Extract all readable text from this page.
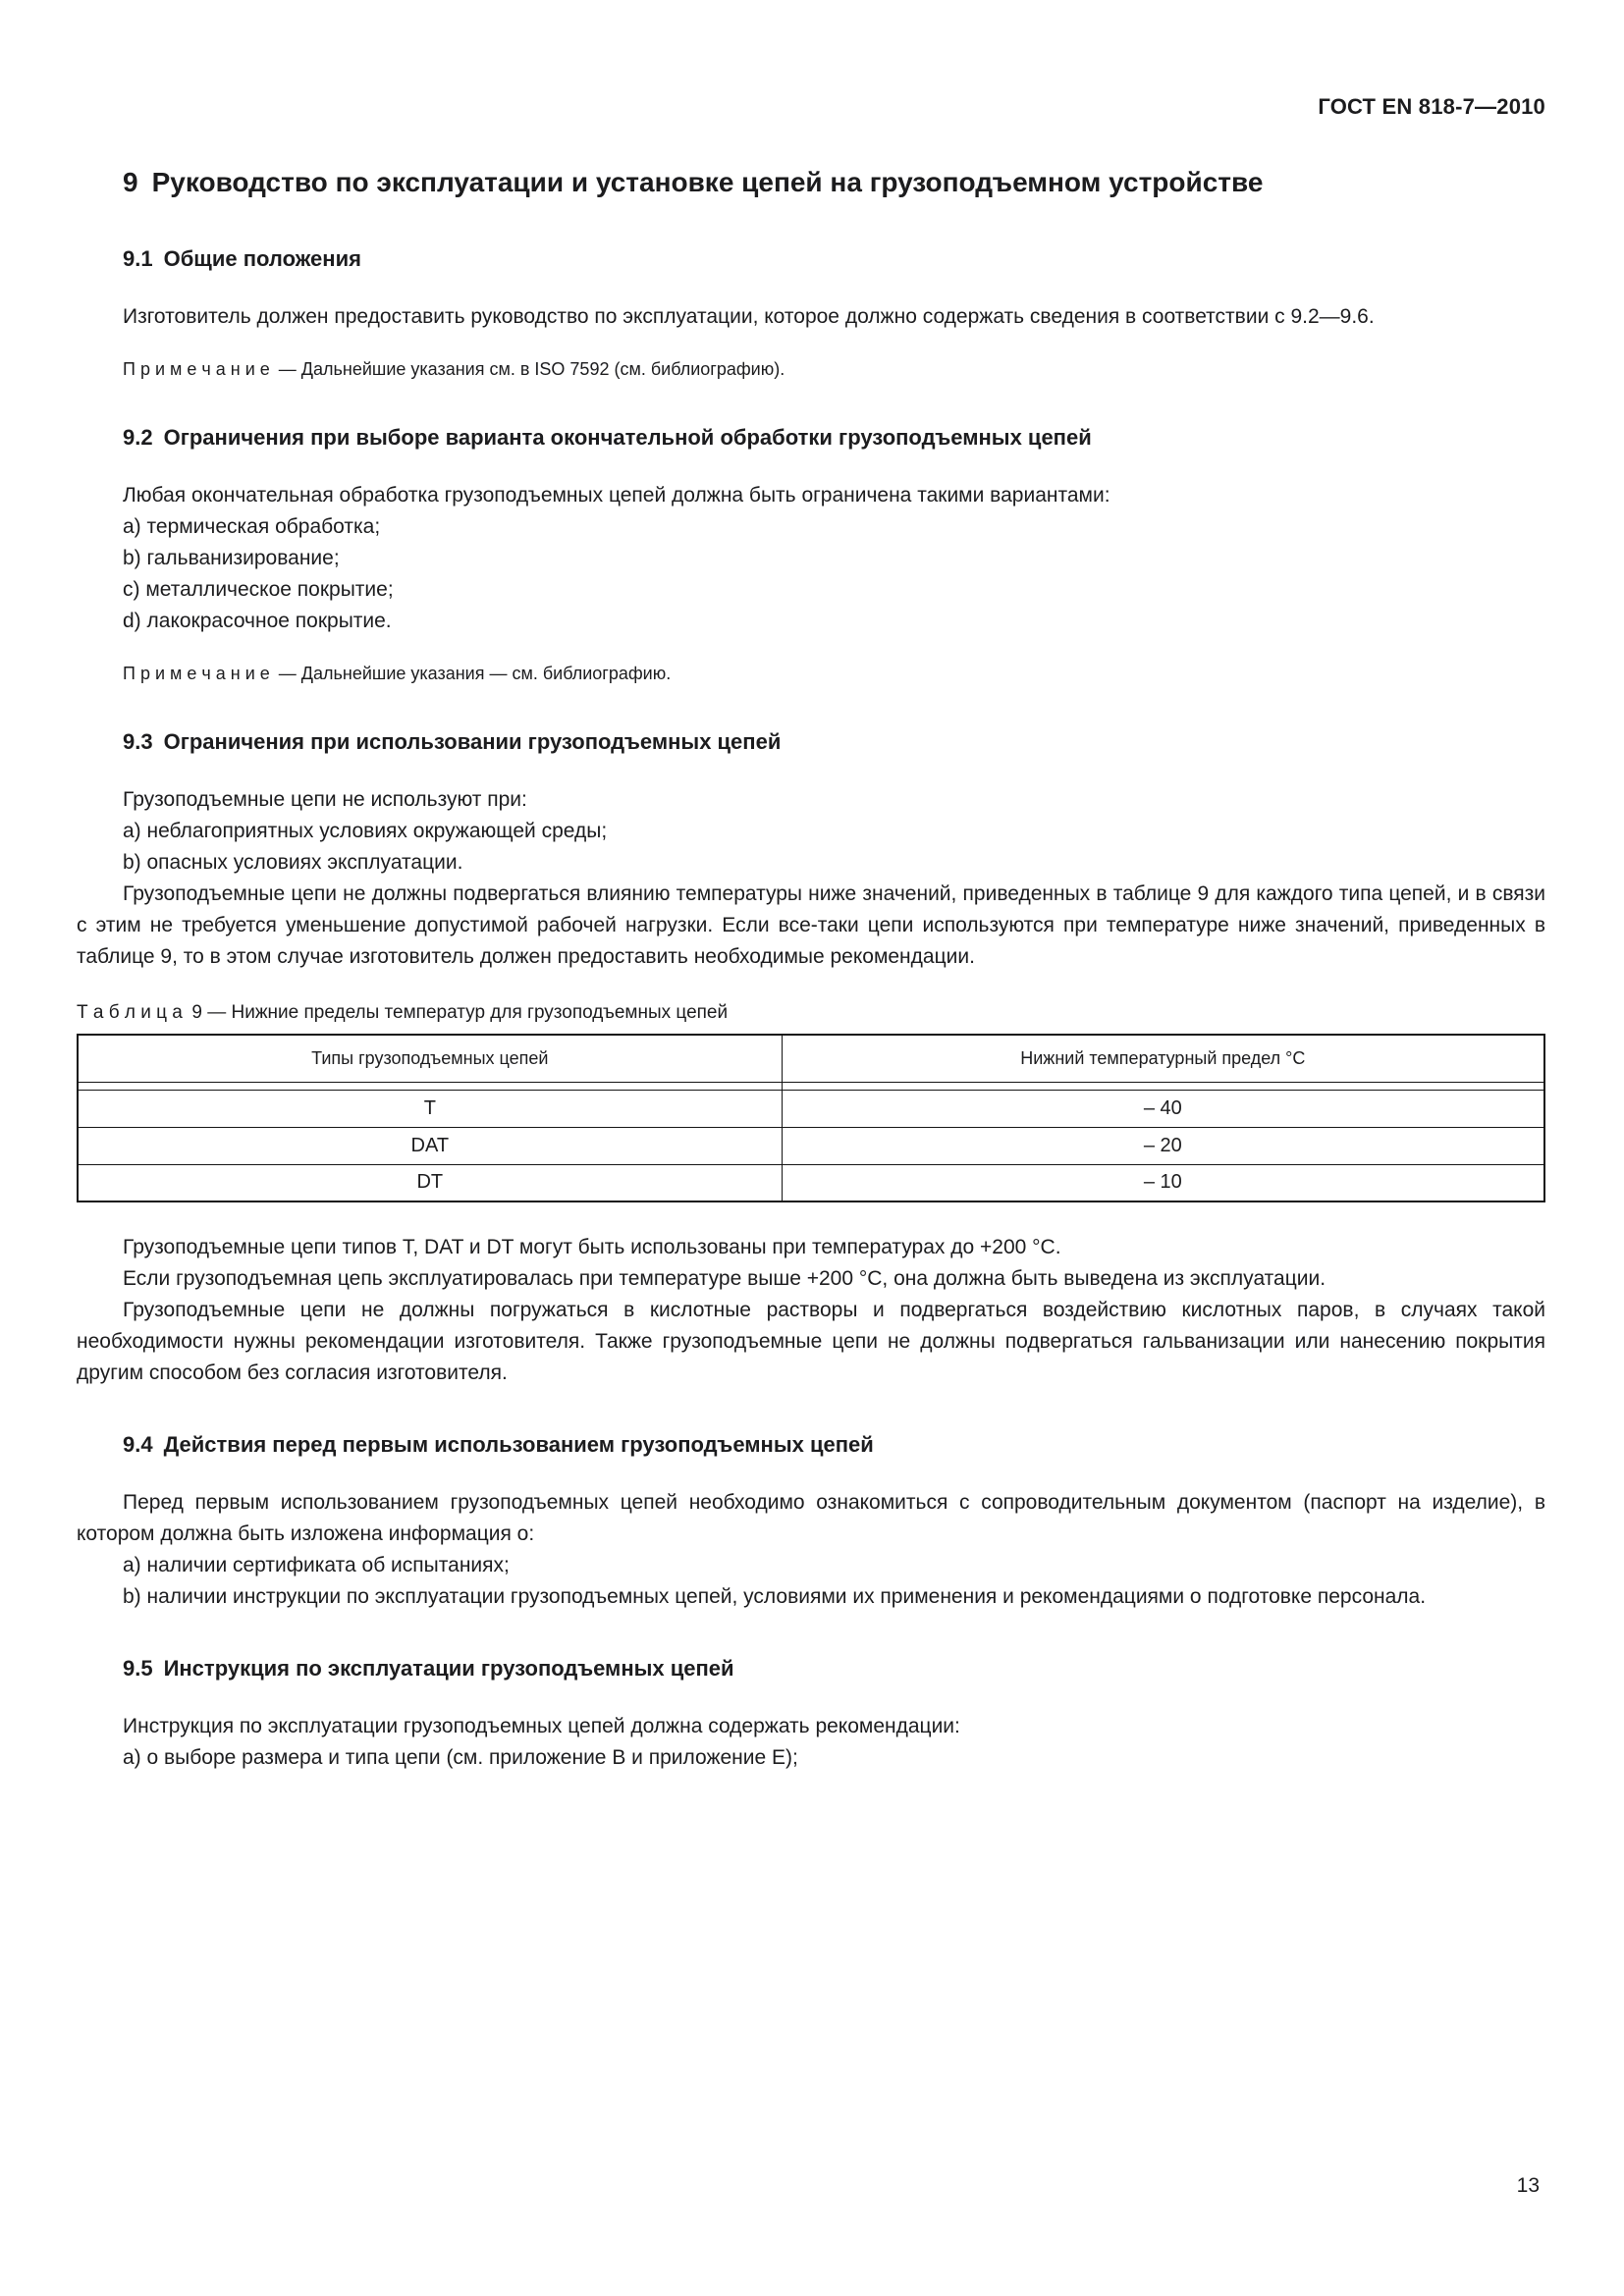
ГОСТ EN 818-7—2010
9 Руководство по эксплуатации и установке цепей на грузоподъемном устройстве
9.1 Общие положения

Изготовитель должен предоставить руководство по эксплуатации, которое должно содержать сведения в соответствии с 9.2—9.6.

П р и м е ч а н и е — Дальнейшие указания см. в ISO 7592 (см. библиографию).

9.2 Ограничения при выборе варианта окончательной обработки грузоподъемных цепей

Любая окончательная обработка грузоподъемных цепей должна быть ограничена такими вариантами:

a) термическая обработка;

b) гальванизирование;

c) металлическое покрытие;

d) лакокрасочное покрытие.

П р и м е ч а н и е — Дальнейшие указания — см. библиографию.

9.3 Ограничения при использовании грузоподъемных цепей

Грузоподъемные цепи не используют при:

a) неблагоприятных условиях окружающей среды;

b) опасных условиях эксплуатации.

Грузоподъемные цепи не должны подвергаться влиянию температуры ниже значений, приведенных в таблице 9 для каждого типа цепей, и в связи с этим не требуется уменьшение допустимой рабочей нагрузки. Если все-таки цепи используются при температуре ниже значений, приведенных в таблице 9, то в этом случае изготовитель должен предоставить необходимые рекомендации.

Т а б л и ц а 9 — Нижние пределы температур для грузоподъемных цепей

Типы грузоподъемных цепей	Нижний температурный предел °С

Т	– 40
DAT	– 20
DT	– 10

Грузоподъемные цепи типов Т, DAT и DT могут быть использованы при температурах до +200 °С.

Если грузоподъемная цепь эксплуатировалась при температуре выше +200 °С, она должна быть выведена из эксплуатации.

Грузоподъемные цепи не должны погружаться в кислотные растворы и подвергаться воздействию кислотных паров, в случаях такой необходимости нужны рекомендации изготовителя. Также грузоподъемные цепи не должны подвергаться гальванизации или нанесению покрытия другим способом без согласия изготовителя.

9.4 Действия перед первым использованием грузоподъемных цепей

Перед первым использованием грузоподъемных цепей необходимо ознакомиться с сопроводительным документом (паспорт на изделие), в котором должна быть изложена информация о:

a) наличии сертификата об испытаниях;

b) наличии инструкции по эксплуатации грузоподъемных цепей, условиями их применения и рекомендациями о подготовке персонала.

9.5 Инструкция по эксплуатации грузоподъемных цепей

Инструкция по эксплуатации грузоподъемных цепей должна содержать рекомендации:

a) о выборе размера и типа цепи (см. приложение В и приложение Е);

13
